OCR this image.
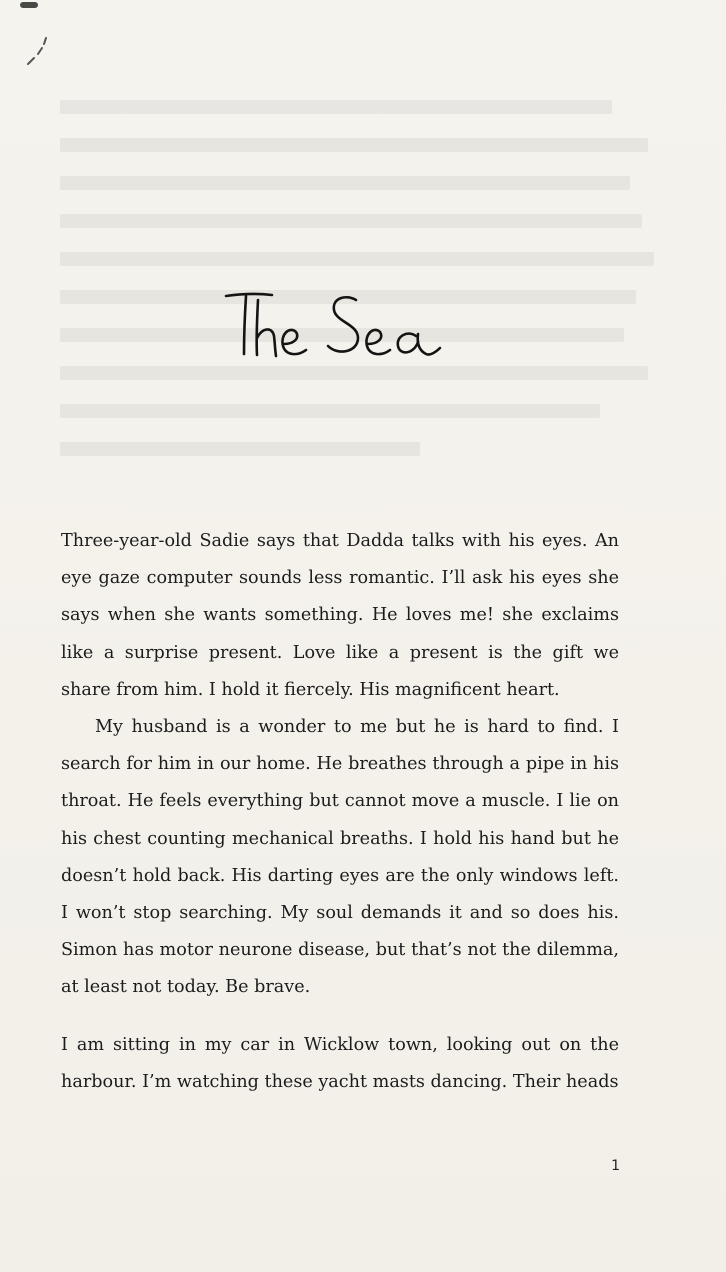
Three-year-old Sadie says that Dadda talks with his eyes. An eye gaze computer sounds less romantic. I’ll ask his eyes she says when she wants something. He loves me! she exclaims like a surprise present. Love like a present is the gift we share from him. I hold it fiercely. His magnificent heart.

My husband is a wonder to me but he is hard to find. I search for him in our home. He breathes through a pipe in his throat. He feels everything but cannot move a muscle. I lie on his chest counting mechanical breaths. I hold his hand but he doesn’t hold back. His darting eyes are the only windows left. I won’t stop searching. My soul demands it and so does his. Simon has motor neurone disease, but that’s not the dilemma, at least not today. Be brave.

I am sitting in my car in Wicklow town, looking out on the harbour. I’m watching these yacht masts dancing. Their heads

1
